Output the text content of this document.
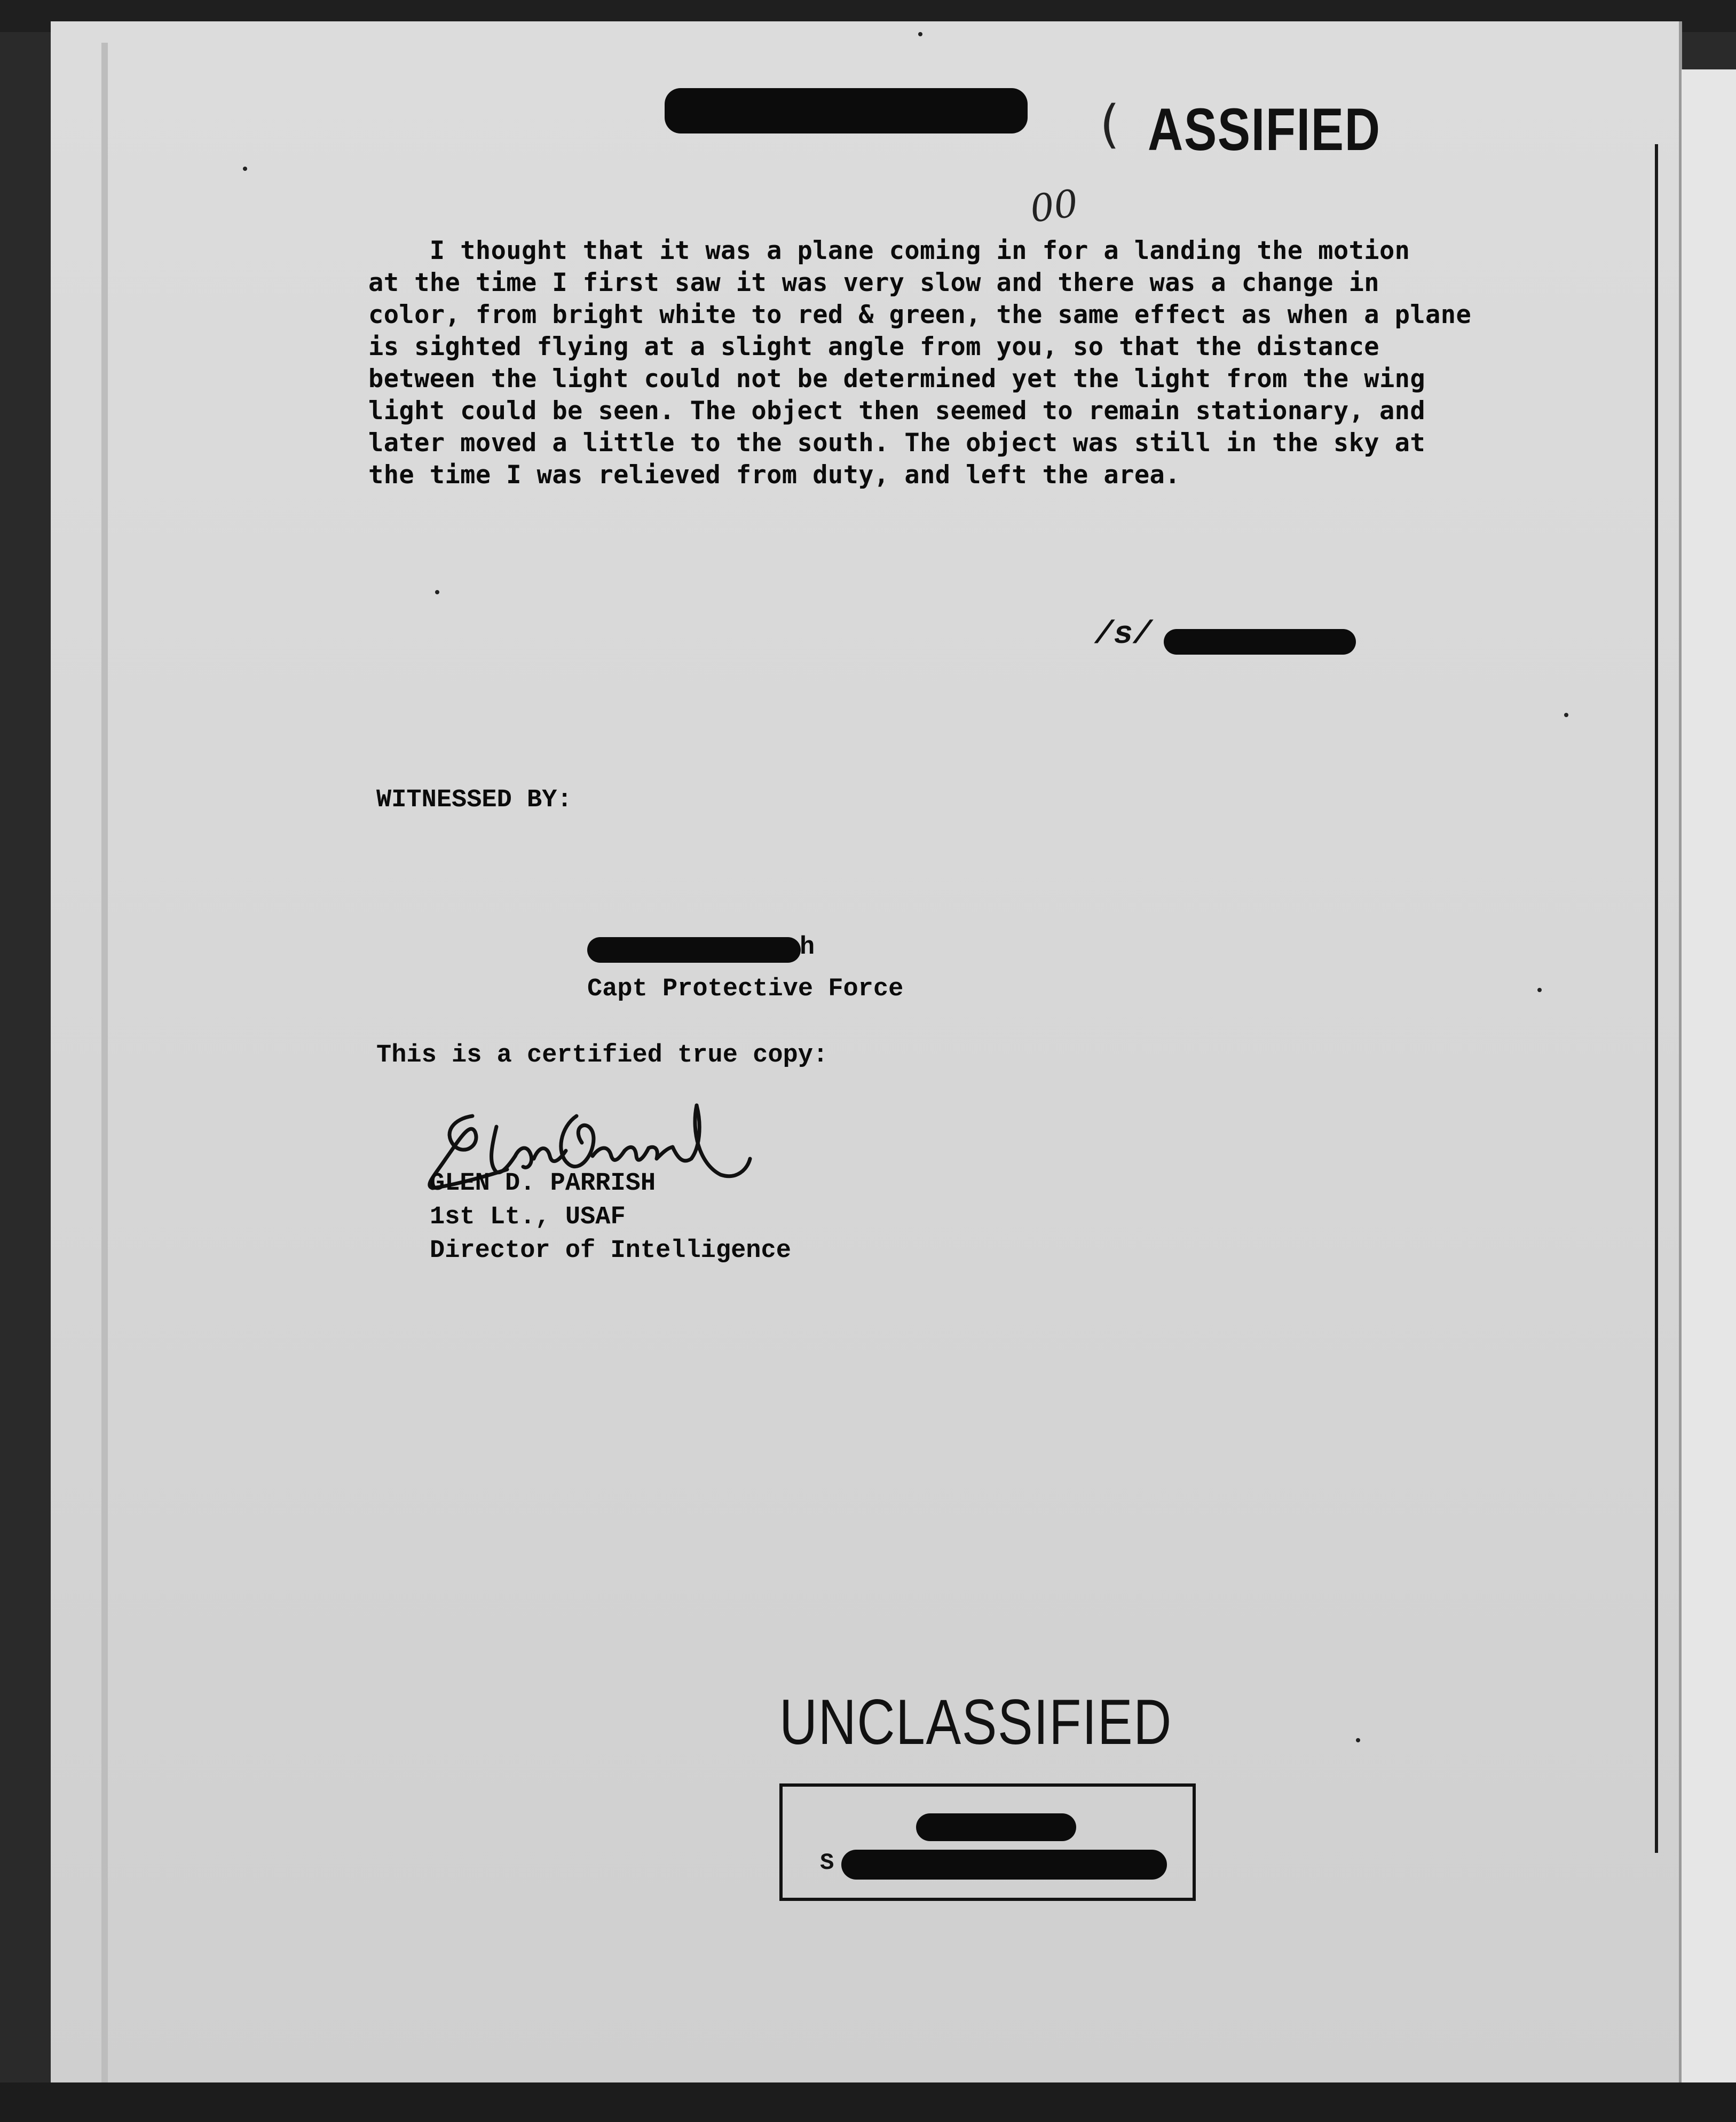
( ASSIFIED
00
I thought that it was a plane coming in for a landing the motion
at the time I first saw it was very slow and there was a change in
color, from bright white to red & green, the same effect as when a plane
is sighted flying at a slight angle from you, so that the distance
between the light could not be determined yet the light from the wing
light could be seen. The object then seemed to remain stationary, and
later moved a little to the south. The object was still in the sky at
the time I was relieved from duty, and left the area.
/s/
WITNESSED BY:
h
Capt Protective Force
This is a certified true copy:
GLEN D. PARRISH
1st Lt., USAF
Director of Intelligence
UNCLASSIFIED
S
